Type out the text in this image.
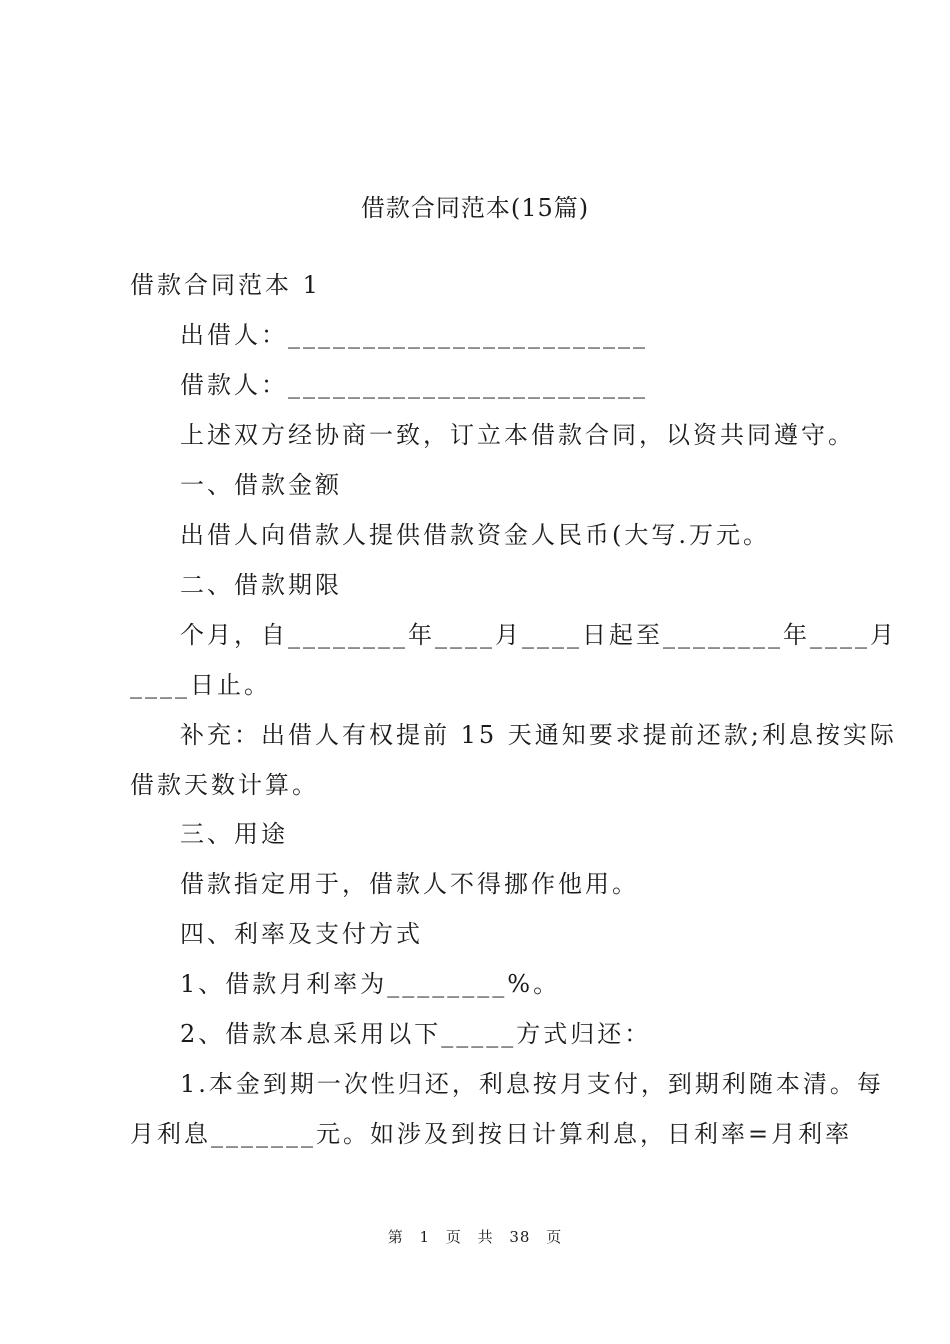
借款合同范本(15篇)
借款合同范本 1
出借人：________________________
借款人：________________________
上述双方经协商一致，订立本借款合同，以资共同遵守。
一、借款金额
出借人向借款人提供借款资金人民币(大写.万元。
二、借款期限
个月，自________年____月____日起至________年____月
____日止。
补充：出借人有权提前 15 天通知要求提前还款;利息按实际
借款天数计算。
三、用途
借款指定用于，借款人不得挪作他用。
四、利率及支付方式
1、借款月利率为________%。
2、借款本息采用以下_____方式归还：
1.本金到期一次性归还，利息按月支付，到期利随本清。每
月利息_______元。如涉及到按日计算利息，日利率=月利率
第 1 页 共 38 页
